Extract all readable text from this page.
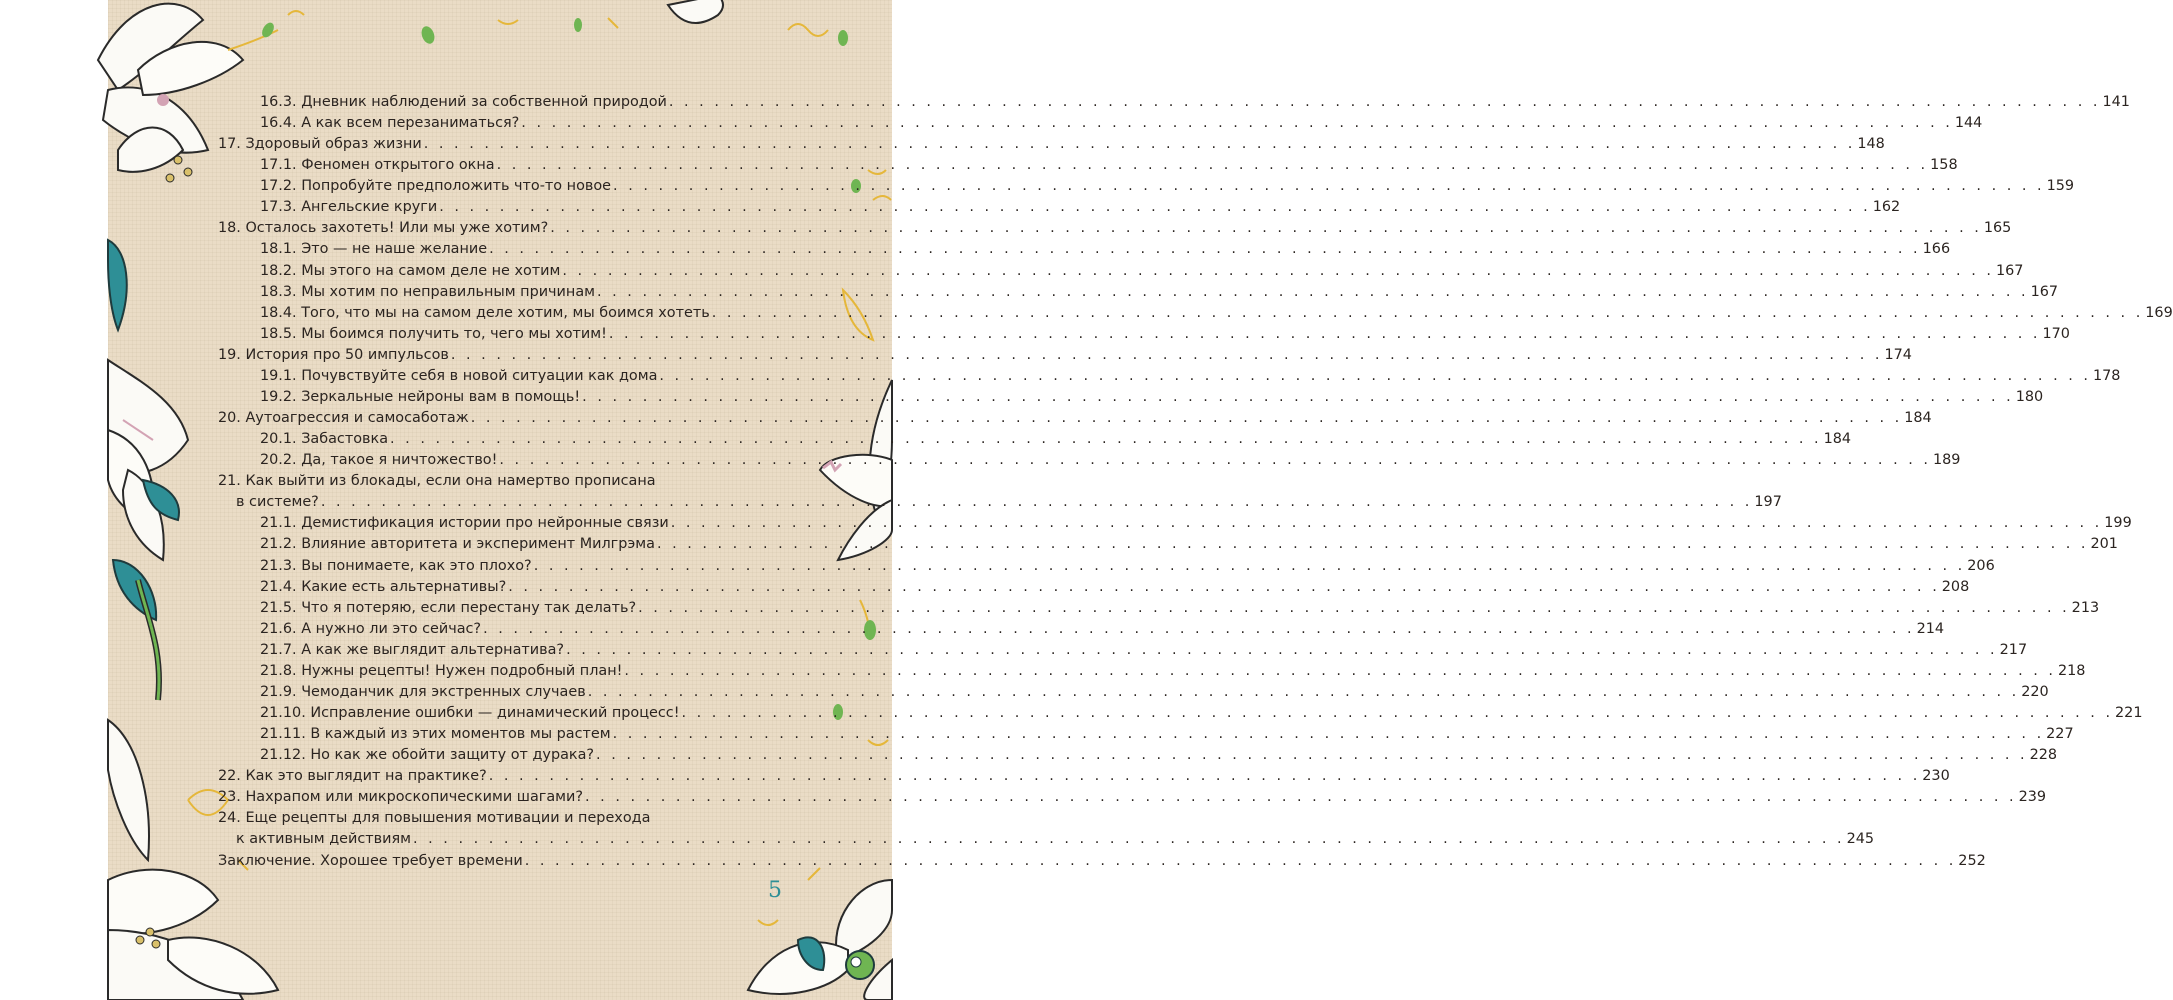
16.3. Дневник наблюдений за собственной природой . . . . . . . . . . . . . . . . . . . . . . . . . . . . . . . . . . . . . . . . . . . . . . . . . . . . . . . . . . . . . . . . . . . . . . . . . . . . . . . . . . . . . . . . . . . . . . . 141
16.4. А как всем перезаниматься? . . . . . . . . . . . . . . . . . . . . . . . . . . . . . . . . . . . . . . . . . . . . . . . . . . . . . . . . . . . . . . . . . . . . . . . . . . . . . . . . . . . . . . . . . . . . . . . 144
17. Здоровый образ жизни . . . . . . . . . . . . . . . . . . . . . . . . . . . . . . . . . . . . . . . . . . . . . . . . . . . . . . . . . . . . . . . . . . . . . . . . . . . . . . . . . . . . . . . . . . . . . . . 148
17.1. Феномен открытого окна . . . . . . . . . . . . . . . . . . . . . . . . . . . . . . . . . . . . . . . . . . . . . . . . . . . . . . . . . . . . . . . . . . . . . . . . . . . . . . . . . . . . . . . . . . . . . . . 158
17.2. Попробуйте предположить что-то новое . . . . . . . . . . . . . . . . . . . . . . . . . . . . . . . . . . . . . . . . . . . . . . . . . . . . . . . . . . . . . . . . . . . . . . . . . . . . . . . . . . . . . . . . . . . . . . . 159
17.3. Ангельские круги . . . . . . . . . . . . . . . . . . . . . . . . . . . . . . . . . . . . . . . . . . . . . . . . . . . . . . . . . . . . . . . . . . . . . . . . . . . . . . . . . . . . . . . . . . . . . . . 162
18. Осталось захотеть! Или мы уже хотим? . . . . . . . . . . . . . . . . . . . . . . . . . . . . . . . . . . . . . . . . . . . . . . . . . . . . . . . . . . . . . . . . . . . . . . . . . . . . . . . . . . . . . . . . . . . . . . . 165
18.1. Это — не наше желание . . . . . . . . . . . . . . . . . . . . . . . . . . . . . . . . . . . . . . . . . . . . . . . . . . . . . . . . . . . . . . . . . . . . . . . . . . . . . . . . . . . . . . . . . . . . . . . 166
18.2. Мы этого на самом деле не хотим . . . . . . . . . . . . . . . . . . . . . . . . . . . . . . . . . . . . . . . . . . . . . . . . . . . . . . . . . . . . . . . . . . . . . . . . . . . . . . . . . . . . . . . . . . . . . . . 167
18.3. Мы хотим по неправильным причинам . . . . . . . . . . . . . . . . . . . . . . . . . . . . . . . . . . . . . . . . . . . . . . . . . . . . . . . . . . . . . . . . . . . . . . . . . . . . . . . . . . . . . . . . . . . . . . . 167
18.4. Того, что мы на самом деле хотим, мы боимся хотеть . . . . . . . . . . . . . . . . . . . . . . . . . . . . . . . . . . . . . . . . . . . . . . . . . . . . . . . . . . . . . . . . . . . . . . . . . . . . . . . . . . . . . . . . . . . . . . . 169
18.5. Мы боимся получить то, чего мы хотим! . . . . . . . . . . . . . . . . . . . . . . . . . . . . . . . . . . . . . . . . . . . . . . . . . . . . . . . . . . . . . . . . . . . . . . . . . . . . . . . . . . . . . . . . . . . . . . . 170
19. История про 50 импульсов . . . . . . . . . . . . . . . . . . . . . . . . . . . . . . . . . . . . . . . . . . . . . . . . . . . . . . . . . . . . . . . . . . . . . . . . . . . . . . . . . . . . . . . . . . . . . . . 174
19.1. Почувствуйте себя в новой ситуации как дома . . . . . . . . . . . . . . . . . . . . . . . . . . . . . . . . . . . . . . . . . . . . . . . . . . . . . . . . . . . . . . . . . . . . . . . . . . . . . . . . . . . . . . . . . . . . . . . 178
19.2. Зеркальные нейроны вам в помощь! . . . . . . . . . . . . . . . . . . . . . . . . . . . . . . . . . . . . . . . . . . . . . . . . . . . . . . . . . . . . . . . . . . . . . . . . . . . . . . . . . . . . . . . . . . . . . . . 180
20. Аутоагрессия и самосаботаж . . . . . . . . . . . . . . . . . . . . . . . . . . . . . . . . . . . . . . . . . . . . . . . . . . . . . . . . . . . . . . . . . . . . . . . . . . . . . . . . . . . . . . . . . . . . . . . 184
20.1. Забастовка . . . . . . . . . . . . . . . . . . . . . . . . . . . . . . . . . . . . . . . . . . . . . . . . . . . . . . . . . . . . . . . . . . . . . . . . . . . . . . . . . . . . . . . . . . . . . . . 184
20.2. Да, такое я ничтожество! . . . . . . . . . . . . . . . . . . . . . . . . . . . . . . . . . . . . . . . . . . . . . . . . . . . . . . . . . . . . . . . . . . . . . . . . . . . . . . . . . . . . . . . . . . . . . . . 189
21. Как выйти из блокады, если она намертво прописана
в системе? . . . . . . . . . . . . . . . . . . . . . . . . . . . . . . . . . . . . . . . . . . . . . . . . . . . . . . . . . . . . . . . . . . . . . . . . . . . . . . . . . . . . . . . . . . . . . . . 197
21.1. Демистификация истории про нейронные связи . . . . . . . . . . . . . . . . . . . . . . . . . . . . . . . . . . . . . . . . . . . . . . . . . . . . . . . . . . . . . . . . . . . . . . . . . . . . . . . . . . . . . . . . . . . . . . . 199
21.2. Влияние авторитета и эксперимент Милгрэма . . . . . . . . . . . . . . . . . . . . . . . . . . . . . . . . . . . . . . . . . . . . . . . . . . . . . . . . . . . . . . . . . . . . . . . . . . . . . . . . . . . . . . . . . . . . . . . 201
21.3. Вы понимаете, как это плохо? . . . . . . . . . . . . . . . . . . . . . . . . . . . . . . . . . . . . . . . . . . . . . . . . . . . . . . . . . . . . . . . . . . . . . . . . . . . . . . . . . . . . . . . . . . . . . . . 206
21.4. Какие есть альтернативы? . . . . . . . . . . . . . . . . . . . . . . . . . . . . . . . . . . . . . . . . . . . . . . . . . . . . . . . . . . . . . . . . . . . . . . . . . . . . . . . . . . . . . . . . . . . . . . . 208
21.5. Что я потеряю, если перестану так делать? . . . . . . . . . . . . . . . . . . . . . . . . . . . . . . . . . . . . . . . . . . . . . . . . . . . . . . . . . . . . . . . . . . . . . . . . . . . . . . . . . . . . . . . . . . . . . . . 213
21.6. А нужно ли это сейчас? . . . . . . . . . . . . . . . . . . . . . . . . . . . . . . . . . . . . . . . . . . . . . . . . . . . . . . . . . . . . . . . . . . . . . . . . . . . . . . . . . . . . . . . . . . . . . . . 214
21.7. А как же выглядит альтернатива? . . . . . . . . . . . . . . . . . . . . . . . . . . . . . . . . . . . . . . . . . . . . . . . . . . . . . . . . . . . . . . . . . . . . . . . . . . . . . . . . . . . . . . . . . . . . . . . 217
21.8. Нужны рецепты! Нужен подробный план! . . . . . . . . . . . . . . . . . . . . . . . . . . . . . . . . . . . . . . . . . . . . . . . . . . . . . . . . . . . . . . . . . . . . . . . . . . . . . . . . . . . . . . . . . . . . . . . 218
21.9. Чемоданчик для экстренных случаев . . . . . . . . . . . . . . . . . . . . . . . . . . . . . . . . . . . . . . . . . . . . . . . . . . . . . . . . . . . . . . . . . . . . . . . . . . . . . . . . . . . . . . . . . . . . . . . 220
21.10. Исправление ошибки — динамический процесс! . . . . . . . . . . . . . . . . . . . . . . . . . . . . . . . . . . . . . . . . . . . . . . . . . . . . . . . . . . . . . . . . . . . . . . . . . . . . . . . . . . . . . . . . . . . . . . . 221
21.11. В каждый из этих моментов мы растем . . . . . . . . . . . . . . . . . . . . . . . . . . . . . . . . . . . . . . . . . . . . . . . . . . . . . . . . . . . . . . . . . . . . . . . . . . . . . . . . . . . . . . . . . . . . . . . 227
21.12. Но как же обойти защиту от дурака? . . . . . . . . . . . . . . . . . . . . . . . . . . . . . . . . . . . . . . . . . . . . . . . . . . . . . . . . . . . . . . . . . . . . . . . . . . . . . . . . . . . . . . . . . . . . . . . 228
22. Как это выглядит на практике? . . . . . . . . . . . . . . . . . . . . . . . . . . . . . . . . . . . . . . . . . . . . . . . . . . . . . . . . . . . . . . . . . . . . . . . . . . . . . . . . . . . . . . . . . . . . . . . 230
23. Нахрапом или микроскопическими шагами? . . . . . . . . . . . . . . . . . . . . . . . . . . . . . . . . . . . . . . . . . . . . . . . . . . . . . . . . . . . . . . . . . . . . . . . . . . . . . . . . . . . . . . . . . . . . . . . 239
24. Еще рецепты для повышения мотивации и перехода
к активным действиям . . . . . . . . . . . . . . . . . . . . . . . . . . . . . . . . . . . . . . . . . . . . . . . . . . . . . . . . . . . . . . . . . . . . . . . . . . . . . . . . . . . . . . . . . . . . . . . 245
Заключение. Хорошее требует времени . . . . . . . . . . . . . . . . . . . . . . . . . . . . . . . . . . . . . . . . . . . . . . . . . . . . . . . . . . . . . . . . . . . . . . . . . . . . . . . . . . . . . . . . . . . . . . . 252
5
